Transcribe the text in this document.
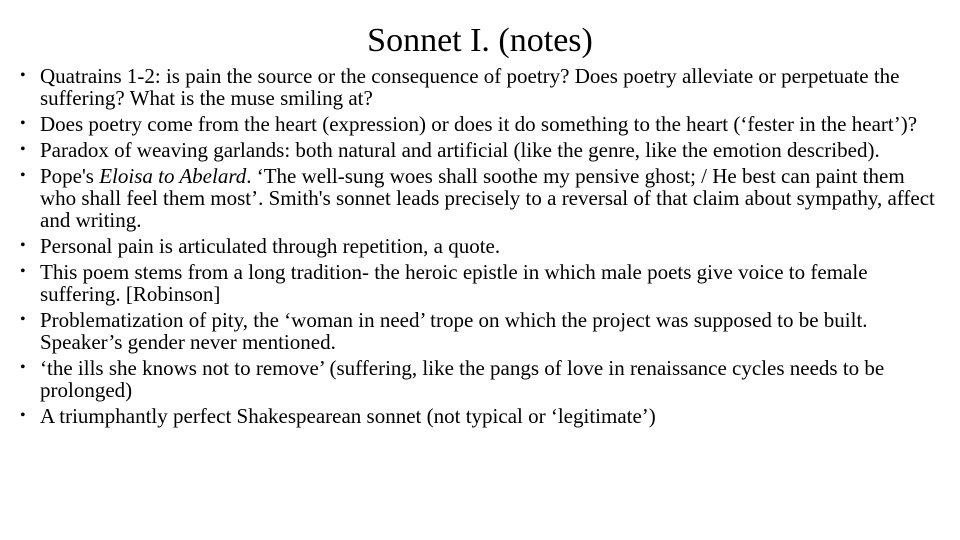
Sonnet I. (notes)
• Quatrains 1-2: is pain the source or the consequence of poetry? Does poetry alleviate or perpetuate the suffering? What is the muse smiling at?
• Does poetry come from the heart (expression) or does it do something to the heart (‘fester in the heart’)?
• Paradox of weaving garlands: both natural and artificial (like the genre, like the emotion described).
• Pope's Eloisa to Abelard. ‘The well-sung woes shall soothe my pensive ghost; / He best can paint them who shall feel them most’. Smith's sonnet leads precisely to a reversal of that claim about sympathy, affect and writing.
• Personal pain is articulated through repetition, a quote.
• This poem stems from a long tradition- the heroic epistle in which male poets give voice to female suffering. [Robinson]
• Problematization of pity, the ‘woman in need’ trope on which the project was supposed to be built. Speaker’s gender never mentioned.
• ‘the ills she knows not to remove’ (suffering, like the pangs of love in renaissance cycles needs to be prolonged)
• A triumphantly perfect Shakespearean sonnet (not typical or ‘legitimate’)
